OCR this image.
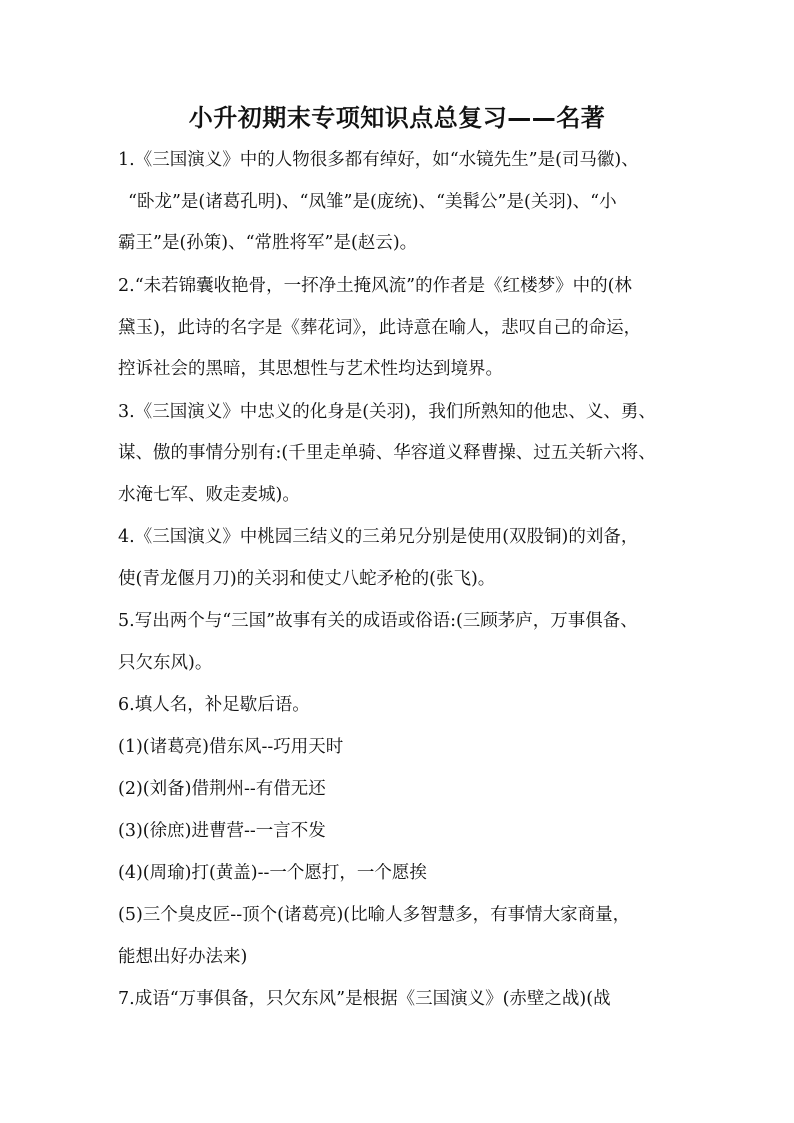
小升初期末专项知识点总复习——名著
1.《三国演义》中的人物很多都有绰好，如“水镜先生”是(司马徽)、
“卧龙”是(诸葛孔明)、“凤雏”是(庞统)、“美髯公”是(关羽)、“小
霸王”是(孙策)、“常胜将军”是(赵云)。
2.“未若锦囊收艳骨，一抔净土掩风流”的作者是《红楼梦》中的(林
黛玉)，此诗的名字是《葬花词》，此诗意在喻人，悲叹自己的命运，
控诉社会的黑暗，其思想性与艺术性均达到境界。
3.《三国演义》中忠义的化身是(关羽)，我们所熟知的他忠、义、勇、
谋、傲的事情分别有:(千里走单骑、华容道义释曹操、过五关斩六将、
水淹七军、败走麦城)。
4.《三国演义》中桃园三结义的三弟兄分别是使用(双股铜)的刘备，
使(青龙偃月刀)的关羽和使丈八蛇矛枪的(张飞)。
5.写出两个与“三国”故事有关的成语或俗语:(三顾茅庐，万事俱备、
只欠东风)。
6.填人名，补足歇后语。
(1)(诸葛亮)借东风--巧用天时
(2)(刘备)借荆州--有借无还
(3)(徐庶)进曹营--一言不发
(4)(周瑜)打(黄盖)--一个愿打，一个愿挨
(5)三个臭皮匠--顶个(诸葛亮)(比喻人多智慧多，有事情大家商量，
能想出好办法来)
7.成语“万事俱备，只欠东风”是根据《三国演义》(赤壁之战)(战
